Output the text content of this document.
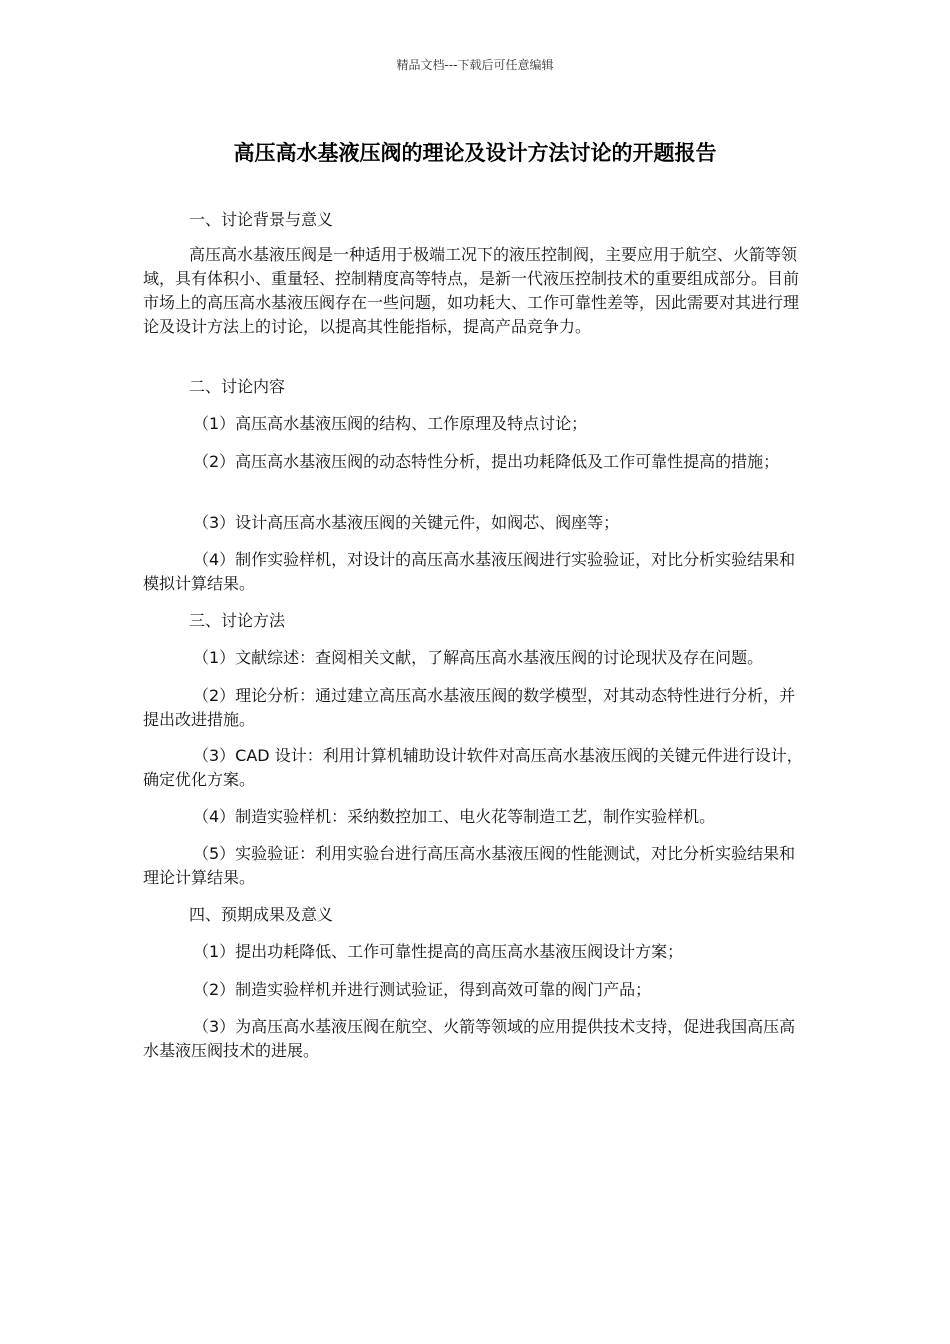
精品文档---下载后可任意编辑
高压高水基液压阀的理论及设计方法讨论的开题报告

一、讨论背景与意义

高压高水基液压阀是一种适用于极端工况下的液压控制阀，主要应用于航空、火箭等领域，具有体积小、重量轻、控制精度高等特点，是新一代液压控制技术的重要组成部分。目前市场上的高压高水基液压阀存在一些问题，如功耗大、工作可靠性差等，因此需要对其进行理论及设计方法上的讨论，以提高其性能指标，提高产品竞争力。

二、讨论内容

（1）高压高水基液压阀的结构、工作原理及特点讨论；

（2）高压高水基液压阀的动态特性分析，提出功耗降低及工作可靠性提高的措施；

（3）设计高压高水基液压阀的关键元件，如阀芯、阀座等；

（4）制作实验样机，对设计的高压高水基液压阀进行实验验证，对比分析实验结果和模拟计算结果。

三、讨论方法

（1）文献综述：查阅相关文献，了解高压高水基液压阀的讨论现状及存在问题。

（2）理论分析：通过建立高压高水基液压阀的数学模型，对其动态特性进行分析，并提出改进措施。

（3）CAD 设计：利用计算机辅助设计软件对高压高水基液压阀的关键元件进行设计，确定优化方案。

（4）制造实验样机：采纳数控加工、电火花等制造工艺，制作实验样机。

（5）实验验证：利用实验台进行高压高水基液压阀的性能测试，对比分析实验结果和理论计算结果。

四、预期成果及意义

（1）提出功耗降低、工作可靠性提高的高压高水基液压阀设计方案；

（2）制造实验样机并进行测试验证，得到高效可靠的阀门产品；

（3）为高压高水基液压阀在航空、火箭等领域的应用提供技术支持，促进我国高压高水基液压阀技术的进展。
